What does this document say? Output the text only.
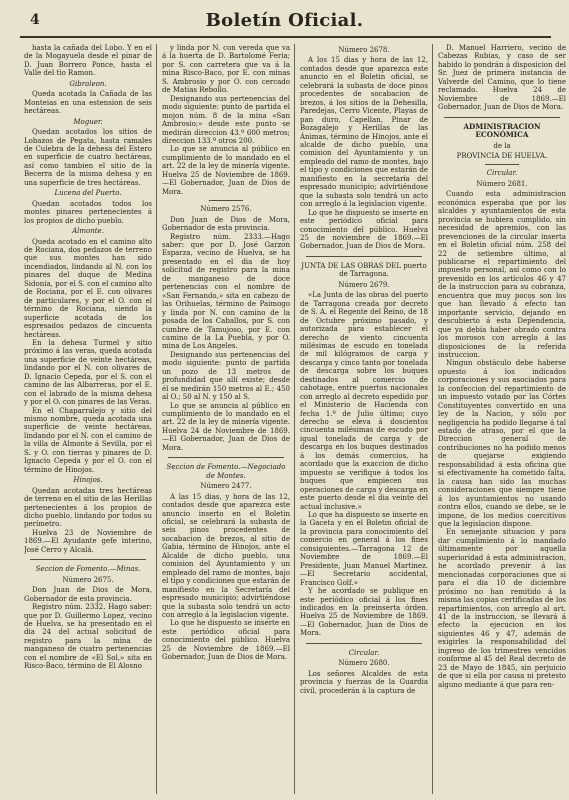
4	Boletín Oficial.

hasta la cañada del Lobo. Y en el de la Mogayuela desde el pinar de D. Juan Borrero Ponce, hasta el Valle del tio Ramon.

Gibraleon.

Queda acotada la Cañada de las Monteias en una estension de seis hectáreas.

Moguer.

Quedan acotados los sitios de Lobazos de Pegata, hasta ramales de Culebra de la dehesa del Estero en superficie de cuatro hectáreas, así como tambien el sitio de la Becerra de la misma dehesa y en una superficie de tres hectáreas.

Lucena del Puerto.

Quedan acotados todos los montes pinares pertenecientes á los propios de dicho pueblo.

Almonte.

Queda acotado en el camino alto de Rociana, dos pedazos de terreno que sus montes han sido incendiados, lindando al N. con los pinares del duque de Medina Sidonia, por el S. con el camino alto de Rociana, por el E. con olivares de particulares, y por el O. con el término de Rociana, siendo la superficie acotada de los espresados pedazos de cincuenta hectáreas.

En la dehesa Turmel y sitio próximo á las veras, queda acotada una superficie de veinte hectáreas, lindando por el N. con olivares de D. Ignacio Cepeda, por el S. con el camino de las Albarreras, por el E. con el labrado de la misma dehesa y por el O. con pinares de las Veras.

En el Chaparralejo y sitio del mismo nombre, queda acotada una superficie de veinte hectáreas, lindando por el N. con el camino de la villa de Almonte á Sevilla, por el S. y O. con tierras y pinares de D. Ignacio Cepeda y por el O. con el término de Hinojos.

Hinojos.

Quedan acotadas tres hectáreas de terreno en el sitio de las Herillas pertenecientes á los propios de dicho pueblo, lindando por todos su perímetro.

Huelva 23 de Noviembre de 1869.—El Ayudante gefe interino, José Cerro y Alcalá.

Seccion de Fomento.—Minas.

Número 2675.

Don Juan de Dios de Mora, Gobernador de esta provincia.

Registro núm. 2332. Hago saber: que por D. Guillermo Lopez, vecino de Huelva, se ha presentado en el dia 24 del actual solicitud de registro para la mina de manganeso de cuatro pertenencias con el nombre de «El Sol,» sita en Risco-Baco, término de El Alosno

y linda por N. con vereda que va á la huerta de D. Bartolomé Feria; por S. con carretera que va á la mina Risco-Baco, por E. con minas S. Ambrosio y por O. con cercado de Matias Rebollo.

Designando sus pertenencias del modo siguiente: punto de partida el mojon núm. 8 de la mina «San Ambrosio;» desde este punto se medirán direccion 43.º 600 metros; direccion 133.º otros 200.

Lo que se anuncia al público en cumplimiento de lo mandado en el art. 22 de la ley de minería vigente. Huelva 25 de Noviembre de 1869.—El Gobernador, Juan de Dios de Mora.

Número 2576.

Don Juan de Dios de Mora, Gobernador de esta provincia.

Registro núm. 2333.—Hago saber: que por D. José Garzon Esparza, vecino de Huelva, se ha presentado en el dia de hoy solicitud de registro para la mina de manganeso de doce pertenencias con el nombre de «San Fernando,» sita en cabezo de las Orihuelas, término de Paimogo y linda por N. con camino de la posada de los Caballos, por S. con cumbre de Tamujoso, por E. con camino de la La Puebla, y por O. mina de Los Angeles.

Designando sus pertenencias del modo siguiente: punto de partida un pozo de 13 metros de profundidad que allí existe; desde él se medirán 150 metros al E.; 450 al O.; 50 al N. y 150 al S.

Lo que se anuncia al público en cumplimiento de lo mandado en el art. 22 de la ley de minería vigente. Huelva 24 de Noviembre de 1869.—El Gobernador, Juan de Dios de Mora.

Seccion de Fomento.—Negociado de Montes.

Número 2477.

A las 15 dias, y hora de las 12, contados desde que aparezca este anuncio inserto en el Boletin oficial, se celebrará la subasta de seis pinos procedentes de socabacion de brezos, al sitio de Gabia, término de Hinojos, ante el Alcalde de dicho pueblo, una comision del Ayuntamiento y un empleado del ramo de montes, bajo el tipo y condiciones que estarán de manifiesto en la Secretaría del espresado municipio; advirtiéndose que la subasta solo tendrá un acto con arreglo á la legislacion vigente.

Lo que he dispuesto se inserte en este periódico oficial para conocimiento del público. Huelva 25 de Noviembre de 1869.—El Gobernador, Juan de Dios de Mora.

Número 2678.

A los 15 dias y hora de las 12, contados desde que aparezca este anuncio en el Boletin oficial, se celebrará la subasta de doce pinos procedentes de socabacion de brezos, á los sitios de la Dehesilla, Paredejas, Cerro Vicente, Playas de pan duro, Capellan, Pinar de Bozagalejo y Herillas de las Ánimas, término de Hinojos, ante el alcalde de dicho pueblo, una comision del Ayuntamiento y un empleado del ramo de montes, bajo el tipo y condiciones que estarán de manifiesto en la secretaría del espresado municipio; advirtiéndose que la subasta solo tendrá un acto con arreglo á la legislacion vigente.

Lo que he dispuesto se inserte en este periódico oficial para conocimiento del público. Huelva 25 de noviembre de 1869.—El Gobernador, Juan de Dios de Mora.

JUNTA DE LAS OBRAS DEL puerto de Tarragona.

Número 2679.

«La Junta de las obras del puerto de Tarragona creada por decreto de S. A. el Regente del Reino, de 18 de Octubre próximo pasado, y autorizada para establecer el derecho de viento cincuenta milésimas de escudo en tonelada de mil kilógramos de carga y descarga y cinco tanto por tonelada de descarga sobre los buques destinados al comercio de cabotage, entre puertos nacionales con arreglo al decreto espedido por el Ministerio de Hacienda con fecha 1.º de Julio último; cuyo derecho se eleva á doscientos cincuenta milésimas de escudo por igual tonelada de carga y de descarga en los buques destinados á los demás comercios, ha acordado que la exaccion de dicho impuesto se verifique á todos los buques que empiecen sus operaciones de carga y descarga en este puerto desde el dia veinte del actual inclusive.»

Lo que ha dispuesto se inserte en la Gaceta y en el Boletin oficial de la provincia para conocimiento del comercio en general á los fines consiguientes.—Tarragona 12 de Noviembre de 1869.—El Presidente, Juan Manuel Martinez.—El Secretario accidental, Francisco Golf.»

Y he acordado se publique en este periódico oficial á los fines indicados en la preinserta órden. Huelva 25 de Noviembre de 1869.—El Gobernador, Juan de Dios de Mora.

Circular.

Número 2680.

Los señores Alcaldes de esta provincia y fuerzas de la Guardia civil, procederán á la captura de

D. Manuel Harriero, vecino de Cabezas Rubias, y caso de ser habido lo pondrán á disposicion del Sr. Juez de primera instancia de Valverde del Camino, que lo tiene reclamado. Huelva 24 de Noviembre de 1869.—El Gobernador, Juan de Dios de Mora.

ADMINISTRACION ECONÓMICA

de la

PROVINCIA DE HUELVA.

Circular.

Número 2681.

Cuando esta administracion económica esperaba que por los alcaldes y ayuntamientos de esta provincia se hubiera cumplido, sin necesidad de apremios, con las prevenciones de la circular inserta en el Boletin oficial núm. 258 del 22 de setiembre último, al publicarse el repartimiento del impuesto personal, así como con lo prevenido en los artículos 46 y 47 de la instruccion para su cobranza, encuentra que muy pocos son los que han llevado á efecto tan importante servicio, dejando en descubierto á esta Dependencia, que ya debía haber obrado contra los morosos con arreglo á las disposiciones de la referida instruccion.

Ningun obstáculo debe haberse opuesto á los indicados corporaciones y sus asociados para la confeccion del repartimiento de un impuesto votado por las Córtes Constituyentes convertido en una ley de la Nacion, y sólo por negligencia ha podido llegarse á tal estado de atraso, por el que la Direccion general de contribuciones no ha podido menos de quejarse exigiendo responsabilidad á esta oficina que si efectivamente ha cometido falta, la causa han sido las muchas consideraciones que siempre tiene á los ayuntamientos no usando contra ellos, cuando se debe, se le impone, de los medios coercitivos que la legislacion dispone.

En semejante situacion y para dar cumplimiento á lo mandado últimamente por aquella superioridad á esta administracion, he acordado prevenir á las mencionadas corporaciones que si para el dia 10 de diciembre próximo no han remitido á la misma las copias certificadas de los repartimientos, con arreglo al art. 41 de la instruccion, se llevará á efecto la ejecucion en los siguientes 46 y 47, además de exigirles la responsabilidad del ingreso de los trimestres vencidos conforme al 45 del Real decreto de 23 de Mayo de 1845, sin perjuicio de que si ella por causa ni pretesto alguno mediante á que para ren-
